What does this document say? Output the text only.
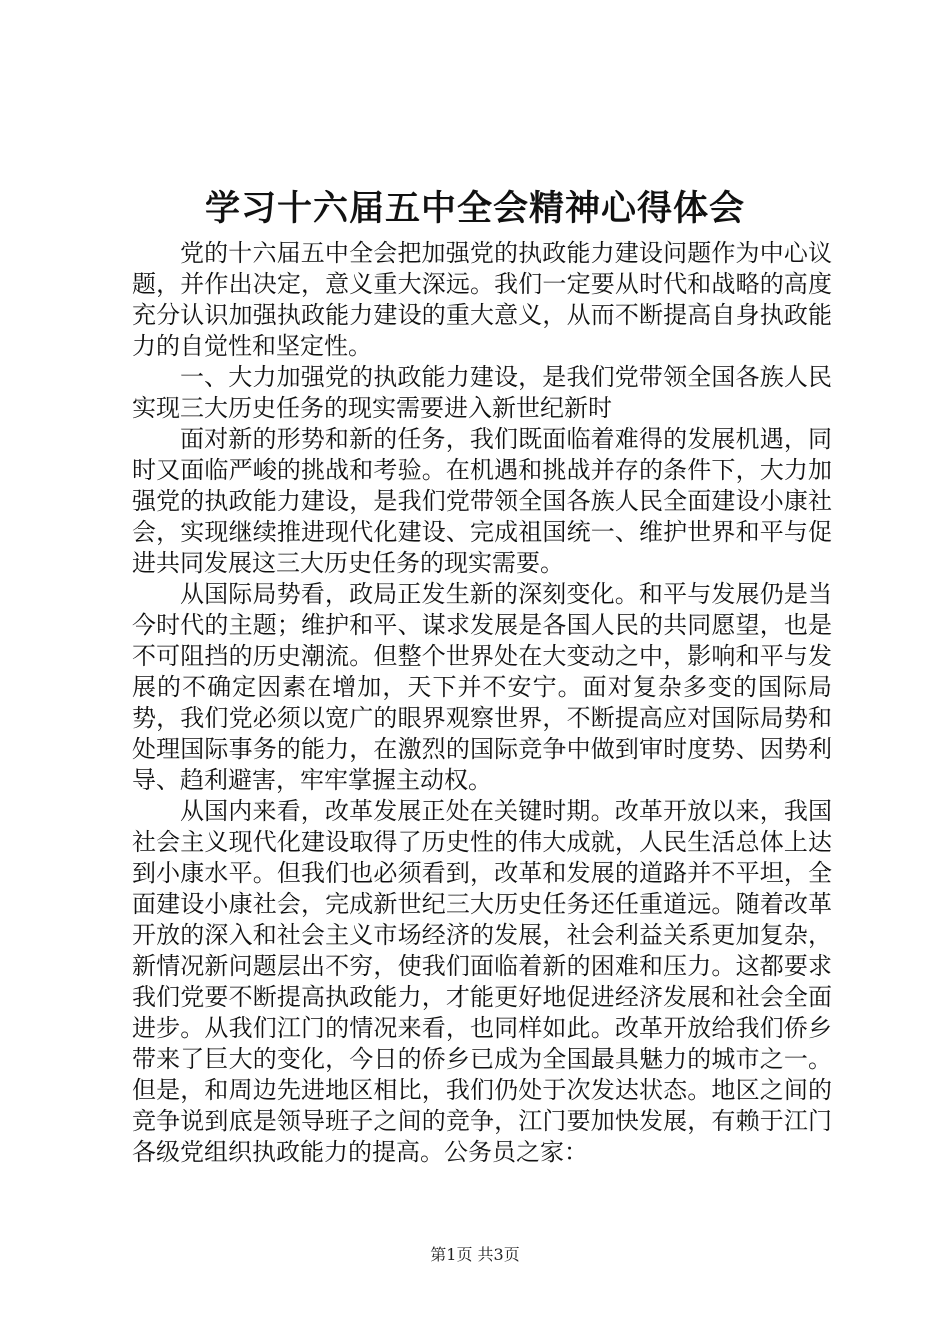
学习十六届五中全会精神心得体会

党的十六届五中全会把加强党的执政能力建设问题作为中心议题，并作出决定，意义重大深远。我们一定要从时代和战略的高度充分认识加强执政能力建设的重大意义，从而不断提高自身执政能力的自觉性和坚定性。

一、大力加强党的执政能力建设，是我们党带领全国各族人民实现三大历史任务的现实需要进入新世纪新时

面对新的形势和新的任务，我们既面临着难得的发展机遇，同时又面临严峻的挑战和考验。在机遇和挑战并存的条件下，大力加强党的执政能力建设，是我们党带领全国各族人民全面建设小康社会，实现继续推进现代化建设、完成祖国统一、维护世界和平与促进共同发展这三大历史任务的现实需要。

从国际局势看，政局正发生新的深刻变化。和平与发展仍是当今时代的主题；维护和平、谋求发展是各国人民的共同愿望，也是不可阻挡的历史潮流。但整个世界处在大变动之中，影响和平与发展的不确定因素在增加，天下并不安宁。面对复杂多变的国际局势，我们党必须以宽广的眼界观察世界，不断提高应对国际局势和处理国际事务的能力，在激烈的国际竞争中做到审时度势、因势利导、趋利避害，牢牢掌握主动权。

从国内来看，改革发展正处在关键时期。改革开放以来，我国社会主义现代化建设取得了历史性的伟大成就，人民生活总体上达到小康水平。但我们也必须看到，改革和发展的道路并不平坦，全面建设小康社会，完成新世纪三大历史任务还任重道远。随着改革开放的深入和社会主义市场经济的发展，社会利益关系更加复杂，新情况新问题层出不穷，使我们面临着新的困难和压力。这都要求我们党要不断提高执政能力，才能更好地促进经济发展和社会全面进步。从我们江门的情况来看，也同样如此。改革开放给我们侨乡带来了巨大的变化，今日的侨乡已成为全国最具魅力的城市之一。但是，和周边先进地区相比，我们仍处于次发达状态。地区之间的竞争说到底是领导班子之间的竞争，江门要加快发展，有赖于江门各级党组织执政能力的提高。公务员之家：

第1页 共3页
